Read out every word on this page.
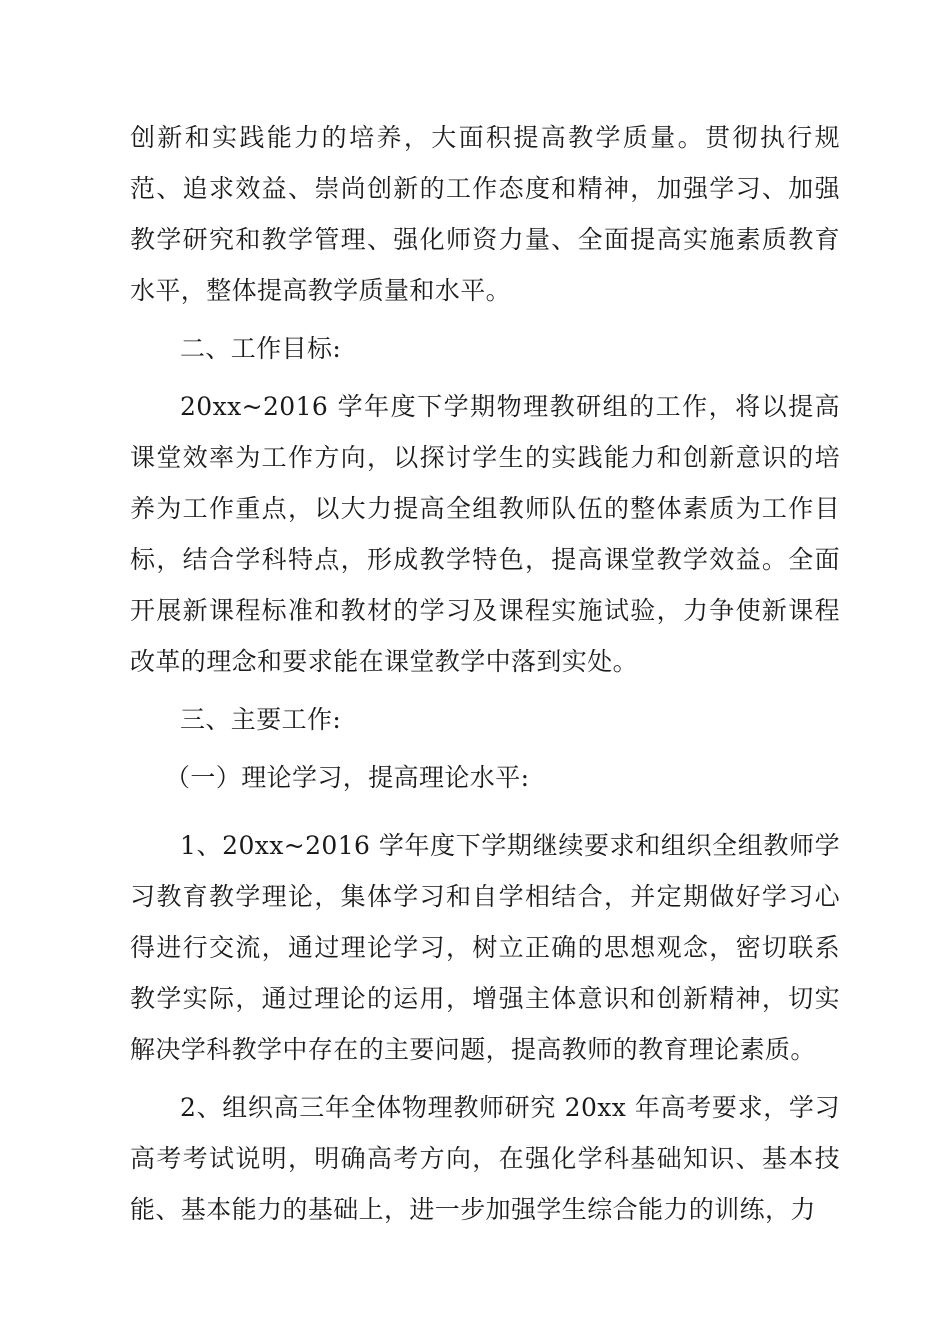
创新和实践能力的培养，大面积提高教学质量。贯彻执行规范、追求效益、崇尚创新的工作态度和精神，加强学习、加强教学研究和教学管理、强化师资力量、全面提高实施素质教育水平，整体提高教学质量和水平。

二、工作目标:

20xx~2016 学年度下学期物理教研组的工作，将以提高课堂效率为工作方向，以探讨学生的实践能力和创新意识的培养为工作重点，以大力提高全组教师队伍的整体素质为工作目标，结合学科特点，形成教学特色，提高课堂教学效益。全面开展新课程标准和教材的学习及课程实施试验，力争使新课程改革的理念和要求能在课堂教学中落到实处。

三、主要工作:

（一）理论学习，提高理论水平:

1、20xx~2016 学年度下学期继续要求和组织全组教师学习教育教学理论，集体学习和自学相结合，并定期做好学习心得进行交流，通过理论学习，树立正确的思想观念，密切联系教学实际，通过理论的运用，增强主体意识和创新精神，切实解决学科教学中存在的主要问题，提高教师的教育理论素质。

2、组织高三年全体物理教师研究 20xx 年高考要求，学习高考考试说明，明确高考方向，在强化学科基础知识、基本技能、基本能力的基础上，进一步加强学生综合能力的训练，力
